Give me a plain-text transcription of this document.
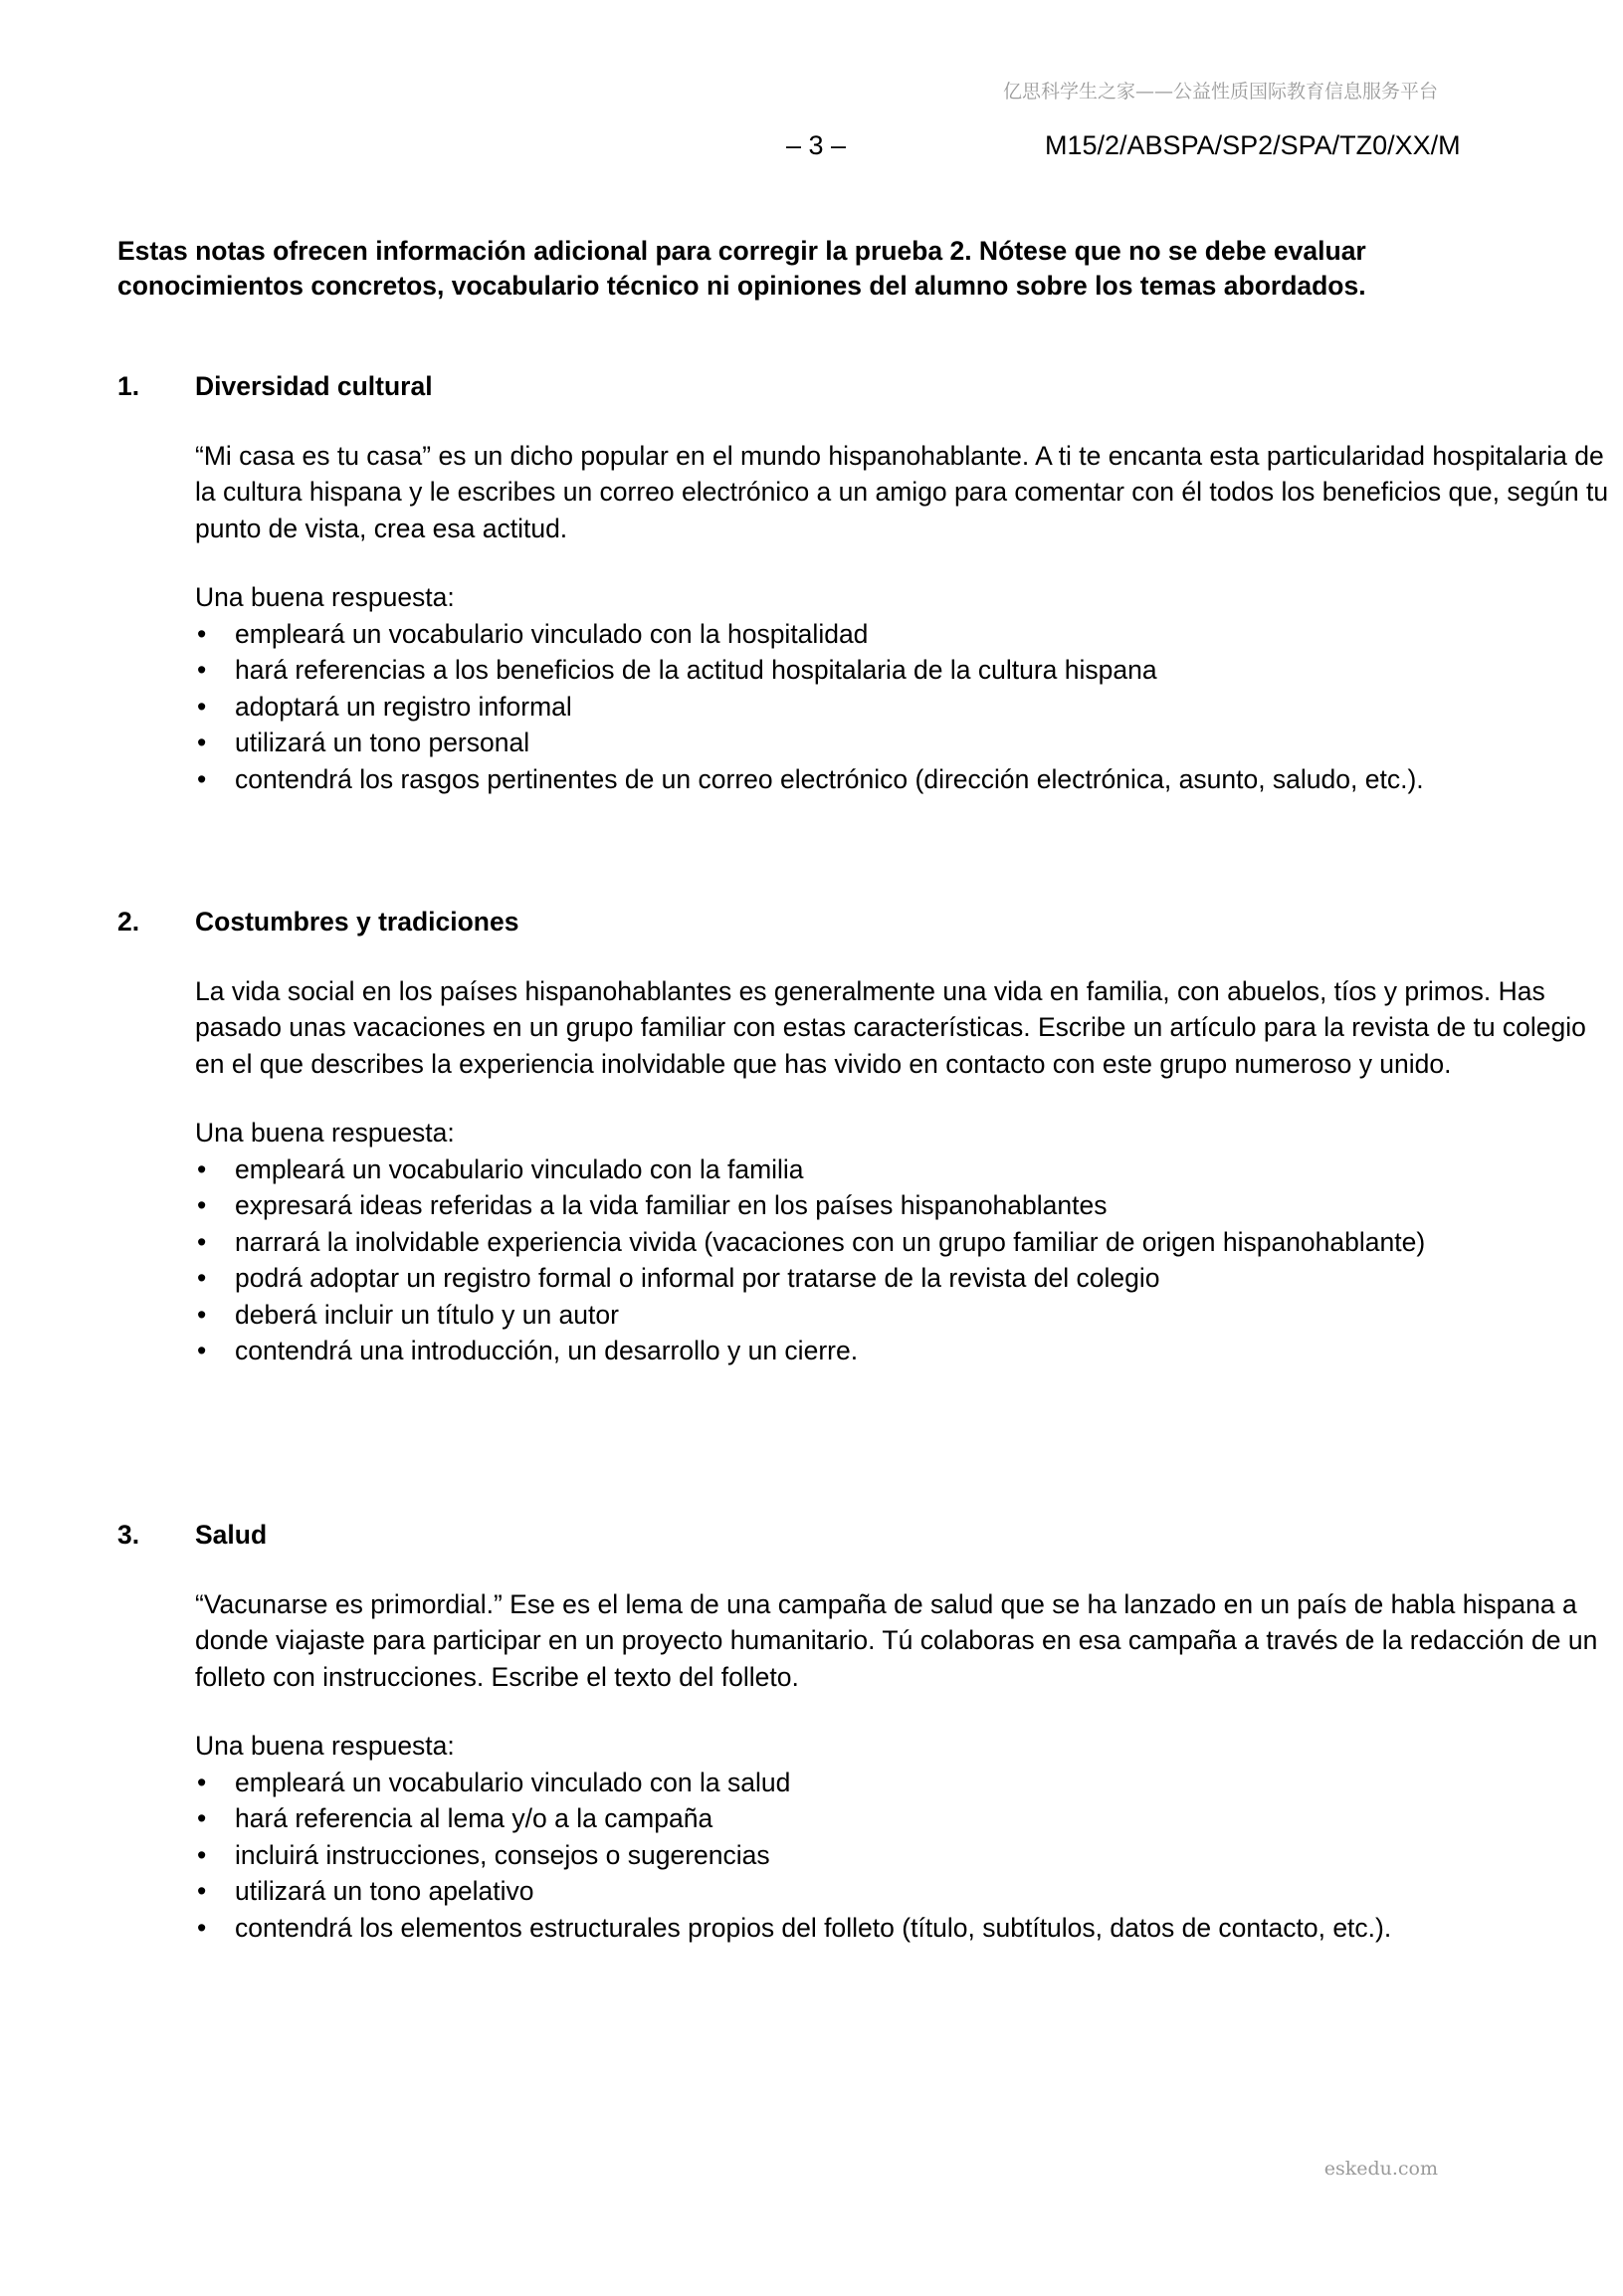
亿思科学生之家——公益性质国际教育信息服务平台
– 3 –	M15/2/ABSPA/SP2/SPA/TZ0/XX/M

Estas notas ofrecen información adicional para corregir la prueba 2. Nótese que no se debe evaluar conocimientos concretos, vocabulario técnico ni opiniones del alumno sobre los temas abordados.

1. Diversidad cultural
“Mi casa es tu casa” es un dicho popular en el mundo hispanohablante. A ti te encanta esta particularidad hospitalaria de la cultura hispana y le escribes un correo electrónico a un amigo para comentar con él todos los beneficios que, según tu punto de vista, crea esa actitud.
Una buena respuesta:
• empleará un vocabulario vinculado con la hospitalidad
• hará referencias a los beneficios de la actitud hospitalaria de la cultura hispana
• adoptará un registro informal
• utilizará un tono personal
• contendrá los rasgos pertinentes de un correo electrónico (dirección electrónica, asunto, saludo, etc.).
2. Costumbres y tradiciones
La vida social en los países hispanohablantes es generalmente una vida en familia, con abuelos, tíos y primos. Has pasado unas vacaciones en un grupo familiar con estas características. Escribe un artículo para la revista de tu colegio en el que describes la experiencia inolvidable que has vivido en contacto con este grupo numeroso y unido.
Una buena respuesta:
• empleará un vocabulario vinculado con la familia
• expresará ideas referidas a la vida familiar en los países hispanohablantes
• narrará la inolvidable experiencia vivida (vacaciones con un grupo familiar de origen hispanohablante)
• podrá adoptar un registro formal o informal por tratarse de la revista del colegio
• deberá incluir un título y un autor
• contendrá una introducción, un desarrollo y un cierre.
3. Salud
“Vacunarse es primordial.” Ese es el lema de una campaña de salud que se ha lanzado en un país de habla hispana a donde viajaste para participar en un proyecto humanitario. Tú colaboras en esa campaña a través de la redacción de un folleto con instrucciones. Escribe el texto del folleto.
Una buena respuesta:
• empleará un vocabulario vinculado con la salud
• hará referencia al lema y/o a la campaña
• incluirá instrucciones, consejos o sugerencias
• utilizará un tono apelativo
• contendrá los elementos estructurales propios del folleto (título, subtítulos, datos de contacto, etc.).
eskedu.com
